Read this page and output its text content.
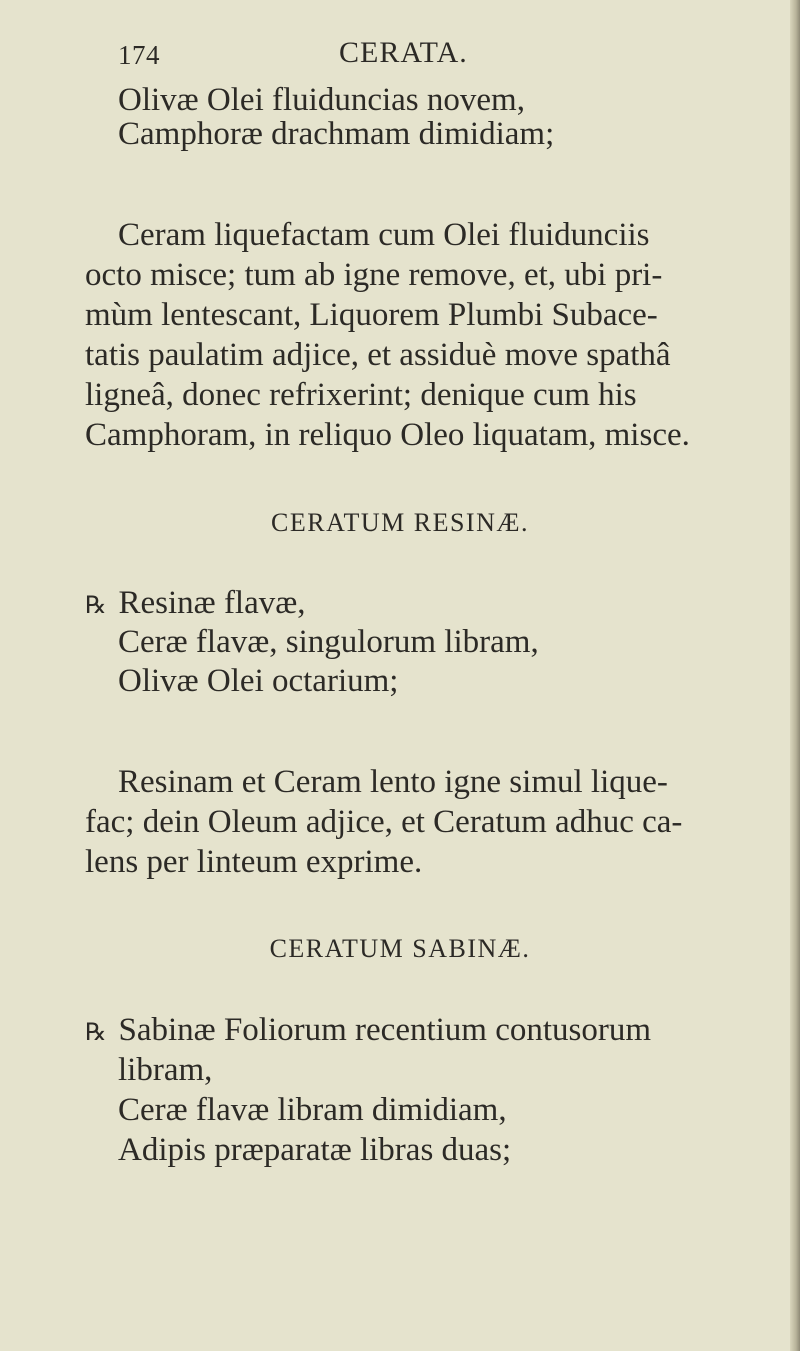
174	CERATA.
Olivæ Olei fluiduncias novem,
Camphoræ drachmam dimidiam;
Ceram liquefactam cum Olei fluidunciis
octo misce; tum ab igne remove, et, ubi pri-
mùm lentescant, Liquorem Plumbi Subace-
tatis paulatim adjice, et assiduè move spathâ
ligneâ, donec refrixerint; denique cum his
Camphoram, in reliquo Oleo liquatam, misce.
CERATUM RESINÆ.
℞ Resinæ flavæ,
Ceræ flavæ, singulorum libram,
Olivæ Olei octarium;
Resinam et Ceram lento igne simul lique-
fac; dein Oleum adjice, et Ceratum adhuc ca-
lens per linteum exprime.
CERATUM SABINÆ.
℞ Sabinæ Foliorum recentium contusorum
libram,
Ceræ flavæ libram dimidiam,
Adipis præparatæ libras duas;
